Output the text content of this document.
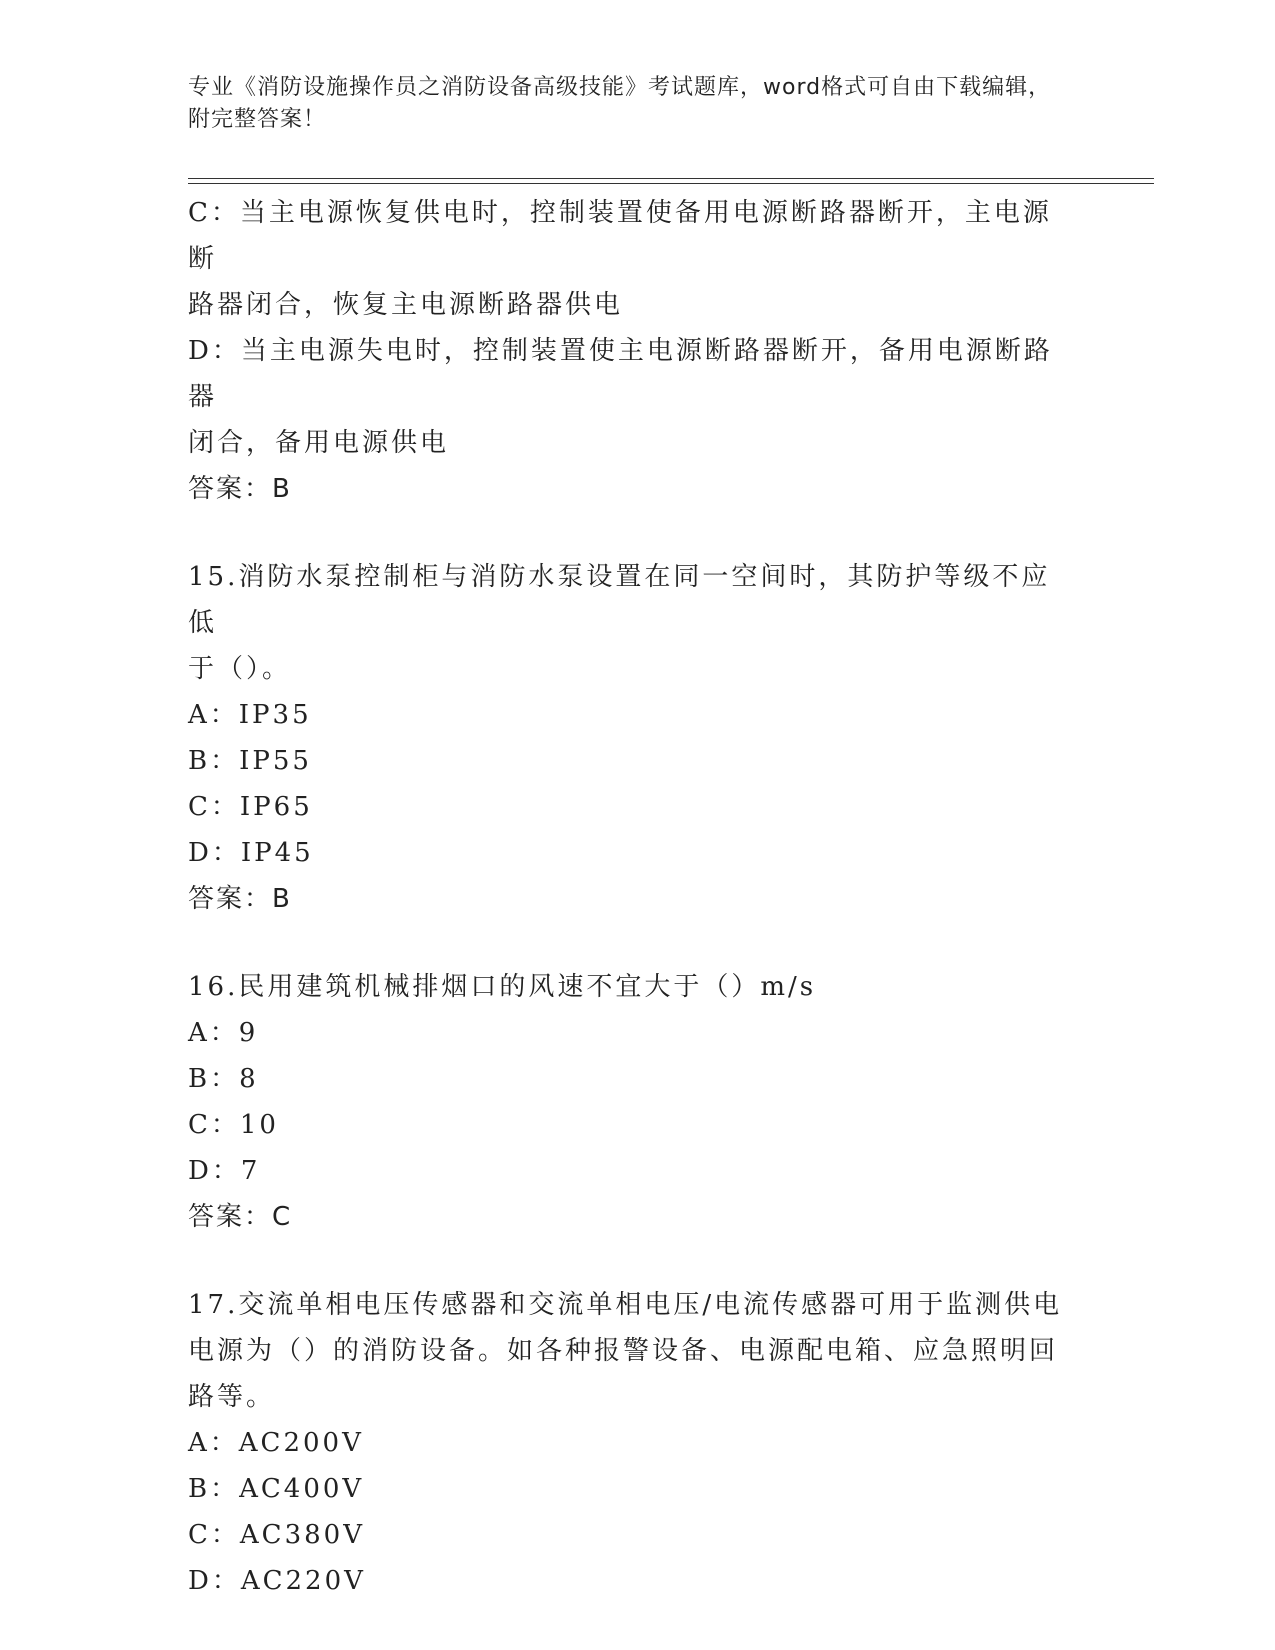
专业《消防设施操作员之消防设备高级技能》考试题库，word格式可自由下载编辑，附完整答案！
C：当主电源恢复供电时，控制装置使备用电源断路器断开，主电源断
路器闭合，恢复主电源断路器供电
D：当主电源失电时，控制装置使主电源断路器断开，备用电源断路器
闭合，备用电源供电
答案：B
15.消防水泵控制柜与消防水泵设置在同一空间时，其防护等级不应低
于（）。
A：IP35
B：IP55
C：IP65
D：IP45
答案：B
16.民用建筑机械排烟口的风速不宜大于（）m/s
A：9
B：8
C：10
D：7
答案：C
17.交流单相电压传感器和交流单相电压/电流传感器可用于监测供电
电源为（）的消防设备。如各种报警设备、电源配电箱、应急照明回
路等。
A：AC200V
B：AC400V
C：AC380V
D：AC220V
